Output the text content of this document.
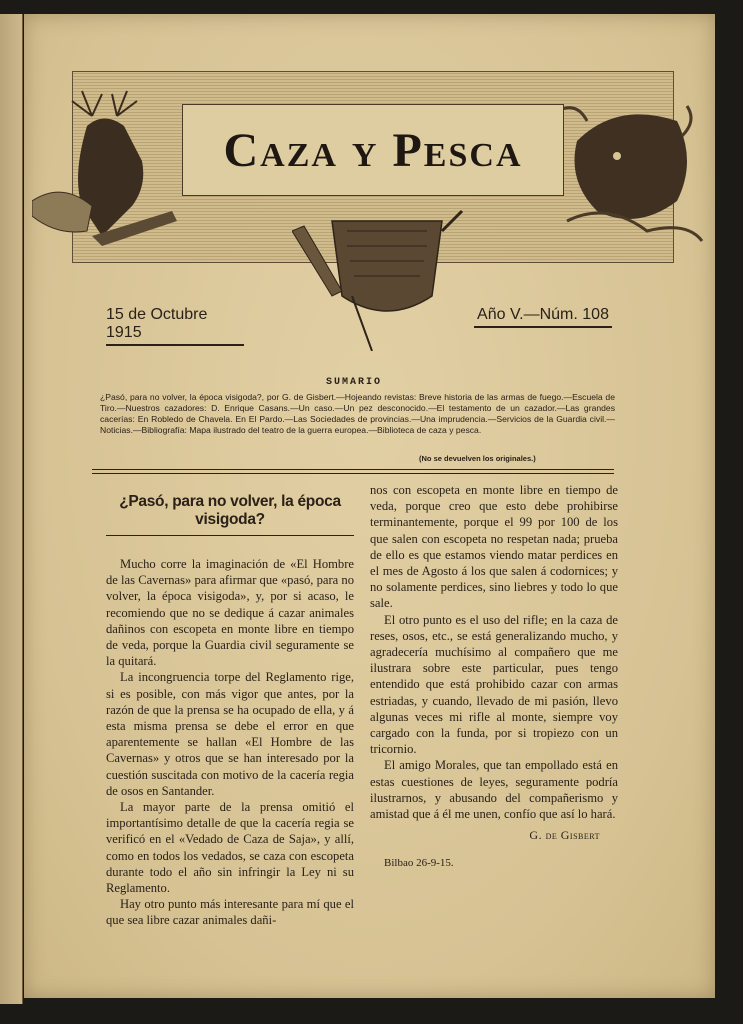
Caza y Pesca
15 de Octubre 1915
Año V.—Núm. 108
SUMARIO
¿Pasó, para no volver, la época visigoda?, por G. de Gisbert.—Hojeando revistas: Breve historia de las armas de fuego.—Escuela de Tiro.—Nuestros cazadores: D. Enrique Casans.—Un caso.—Un pez desconocido.—El testamento de un cazador.—Las grandes cacerías: En Robledo de Chavela. En El Pardo.—Las Sociedades de provincias.—Una imprudencia.—Servicios de la Guardia civil.—Noticias.—Bibliografía: Mapa ilustrado del teatro de la guerra europea.—Biblioteca de caza y pesca.
(No se devuelven los originales.)
¿Pasó, para no volver, la época visigoda?

Mucho corre la imaginación de «El Hombre de las Cavernas» para afirmar que «pasó, para no volver, la época visigoda», y, por si acaso, le recomiendo que no se dedique á cazar animales dañinos con escopeta en monte libre en tiempo de veda, porque la Guardia civil seguramente se la quitará.

La incongruencia torpe del Reglamento rige, si es posible, con más vigor que antes, por la razón de que la prensa se ha ocupado de ella, y á esta misma prensa se debe el error en que aparentemente se hallan «El Hombre de las Cavernas» y otros que se han interesado por la cuestión suscitada con motivo de la cacería regia de osos en Santander.

La mayor parte de la prensa omitió el importantísimo detalle de que la cacería regia se verificó en el «Vedado de Caza de Saja», y allí, como en todos los vedados, se caza con escopeta durante todo el año sin infringir la Ley ni su Reglamento.

Hay otro punto más interesante para mí que el que sea libre cazar animales dañi-

nos con escopeta en monte libre en tiempo de veda, porque creo que esto debe prohibirse terminantemente, porque el 99 por 100 de los que salen con escopeta no respetan nada; prueba de ello es que estamos viendo matar perdices en el mes de Agosto á los que salen á codornices; y no solamente perdices, sino liebres y todo lo que sale.

El otro punto es el uso del rifle; en la caza de reses, osos, etc., se está generalizando mucho, y agradecería muchísimo al compañero que me ilustrara sobre este particular, pues tengo entendido que está prohibido cazar con armas estriadas, y cuando, llevado de mi pasión, llevo algunas veces mi rifle al monte, siempre voy cargado con la funda, por si tropiezo con un tricornio.

El amigo Morales, que tan empollado está en estas cuestiones de leyes, seguramente podría ilustrarnos, y abusando del compañerismo y amistad que á él me unen, confío que así lo hará.

G. de Gisbert
Bilbao 26-9-15.
